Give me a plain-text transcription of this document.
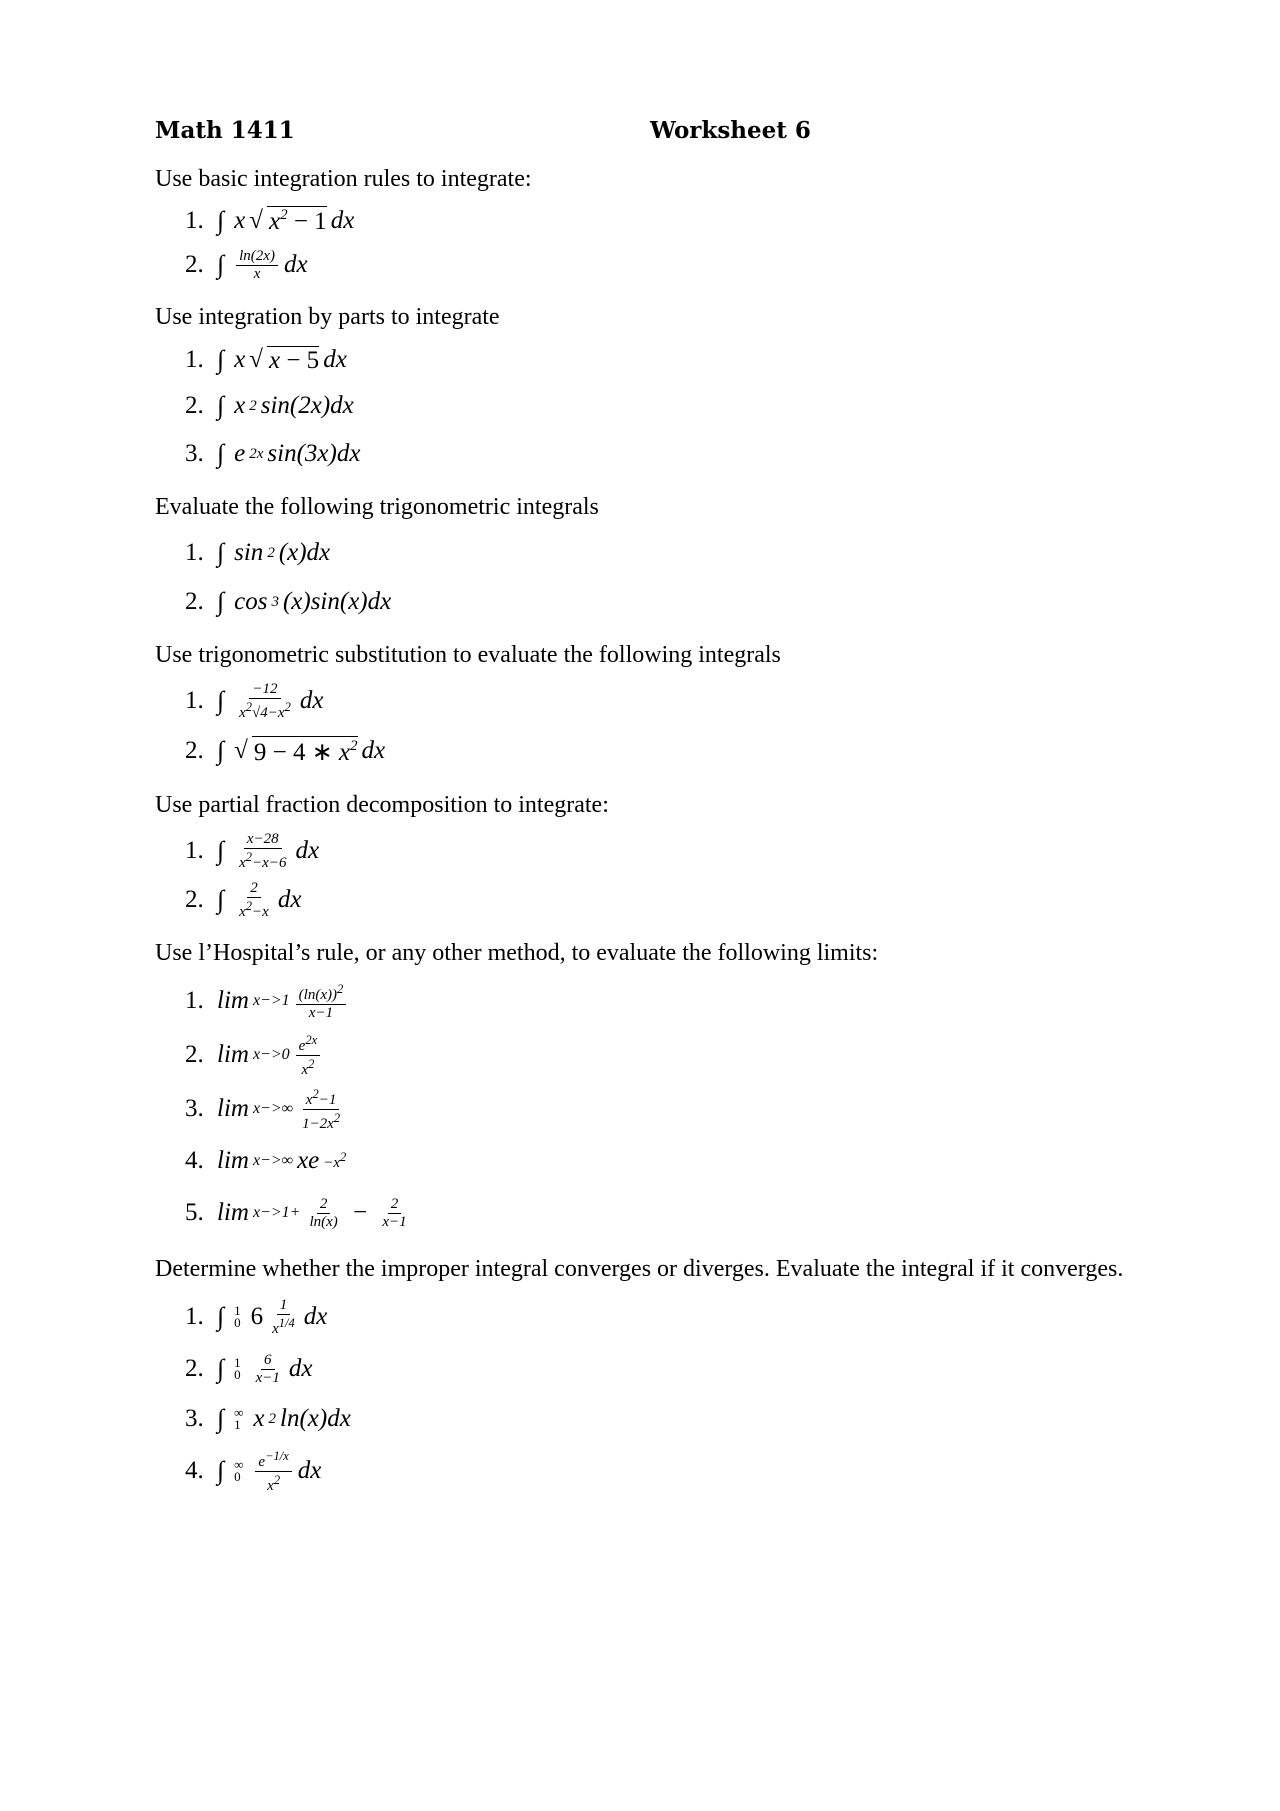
Math 1411	Worksheet 6
Use basic integration rules to integrate:
1. ∫ x √ $x^2 - 1$ dx
2. ∫ $\frac{\ln(2x)}{x}$ dx
Use integration by parts to integrate
1. ∫ x √ x − 5 dx
2. ∫ x 2 sin(2x)dx
3. ∫ e 2x sin(3x)dx
Evaluate the following trigonometric integrals
1. ∫ sin 2 (x)dx
2. ∫ cos 3 (x)sin(x)dx
Use trigonometric substitution to evaluate the following integrals
1. ∫ $\frac{-12}{x^2√4-x^2}$ dx
2. ∫ √ 9 − 4 ∗ $x^2$ dx
Use partial fraction decomposition to integrate:
1. ∫ $\frac{x-28}{x^2-x-6}$ dx
2. ∫ $\frac{2}{x^2-x}$ dx
Use l’Hospital’s rule, or any other method, to evaluate the following limits:
1. $\lim x->1 \frac{(\ln(x))^2}{x-1}$
2. $\lim x->0 \frac{e^{2x}}{x^2}$
3. $\lim x->\infty \frac{x^2-1}{1-2x^2}$
4. lim x−>∞ xe $-x^2$
5. $\lim x->1+ \frac{2}{\ln(x)} - \frac{2}{x-1}$
Determine whether the improper integral converges or diverges. Evaluate the integral if it converges.
1. ∫ 1
0 $6 \frac{1}{x^{1/4}}$ dx
2. ∫ 1
$0 \frac{6}{x-1}$ dx
3. ∫ ∞
1 x 2 ln(x)dx
4. ∫ ∞
$0 \frac{e^{-1/x}}{x^2}$ dx
